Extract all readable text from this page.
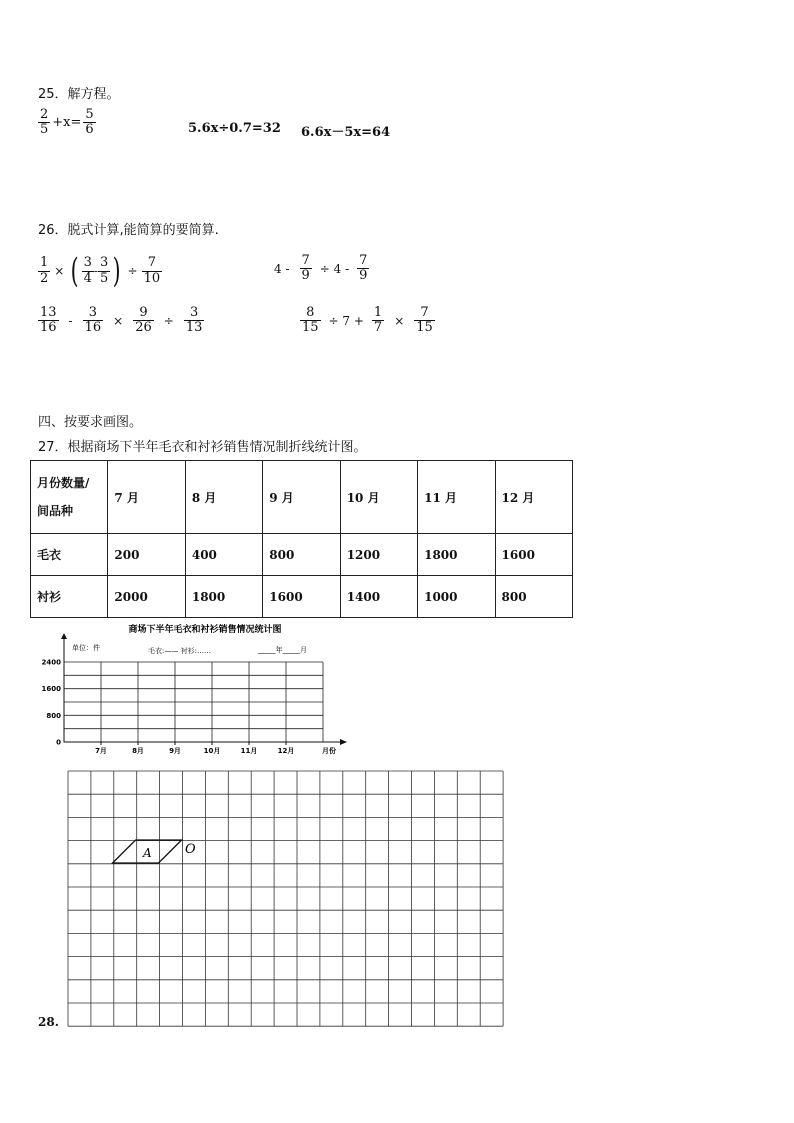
25．解方程。
$\frac{2}{5} +x= \frac{5}{6}$	5.6x÷0.7=32 6.6x－5x=64
26．脱式计算,能简算的要简算.
$\frac{1}{2}$ × ( $\frac{3}{4} - \frac{3}{5}$ ) ÷ $\frac{7}{10}$	$4 - \frac{7}{9} \div 4 - \frac{7}{9}$
$\frac{13}{16} - \frac{3}{16} \times \frac{9}{26} \div \frac{3}{13}$	$\frac{8}{15} \div 7 + \frac{1}{7} \times \frac{7}{15}$
四、按要求画图。
27．根据商场下半年毛衣和衬衫销售情况制折线统计图。
月份数量/
间品种	7 月	8 月	9 月	10 月	11 月	12 月
毛衣	200	400	800	1200	1800	1600
衬衫	2000	1800	1600	1400	1000	800
商场下半年毛衣和衬衫销售情况统计图
单位：件	毛衣:—— 衬衫:……	_____年_____月
2400
1600
800
0
7月	8月	9月	10月	11月	12月	月份
28.
A	O
